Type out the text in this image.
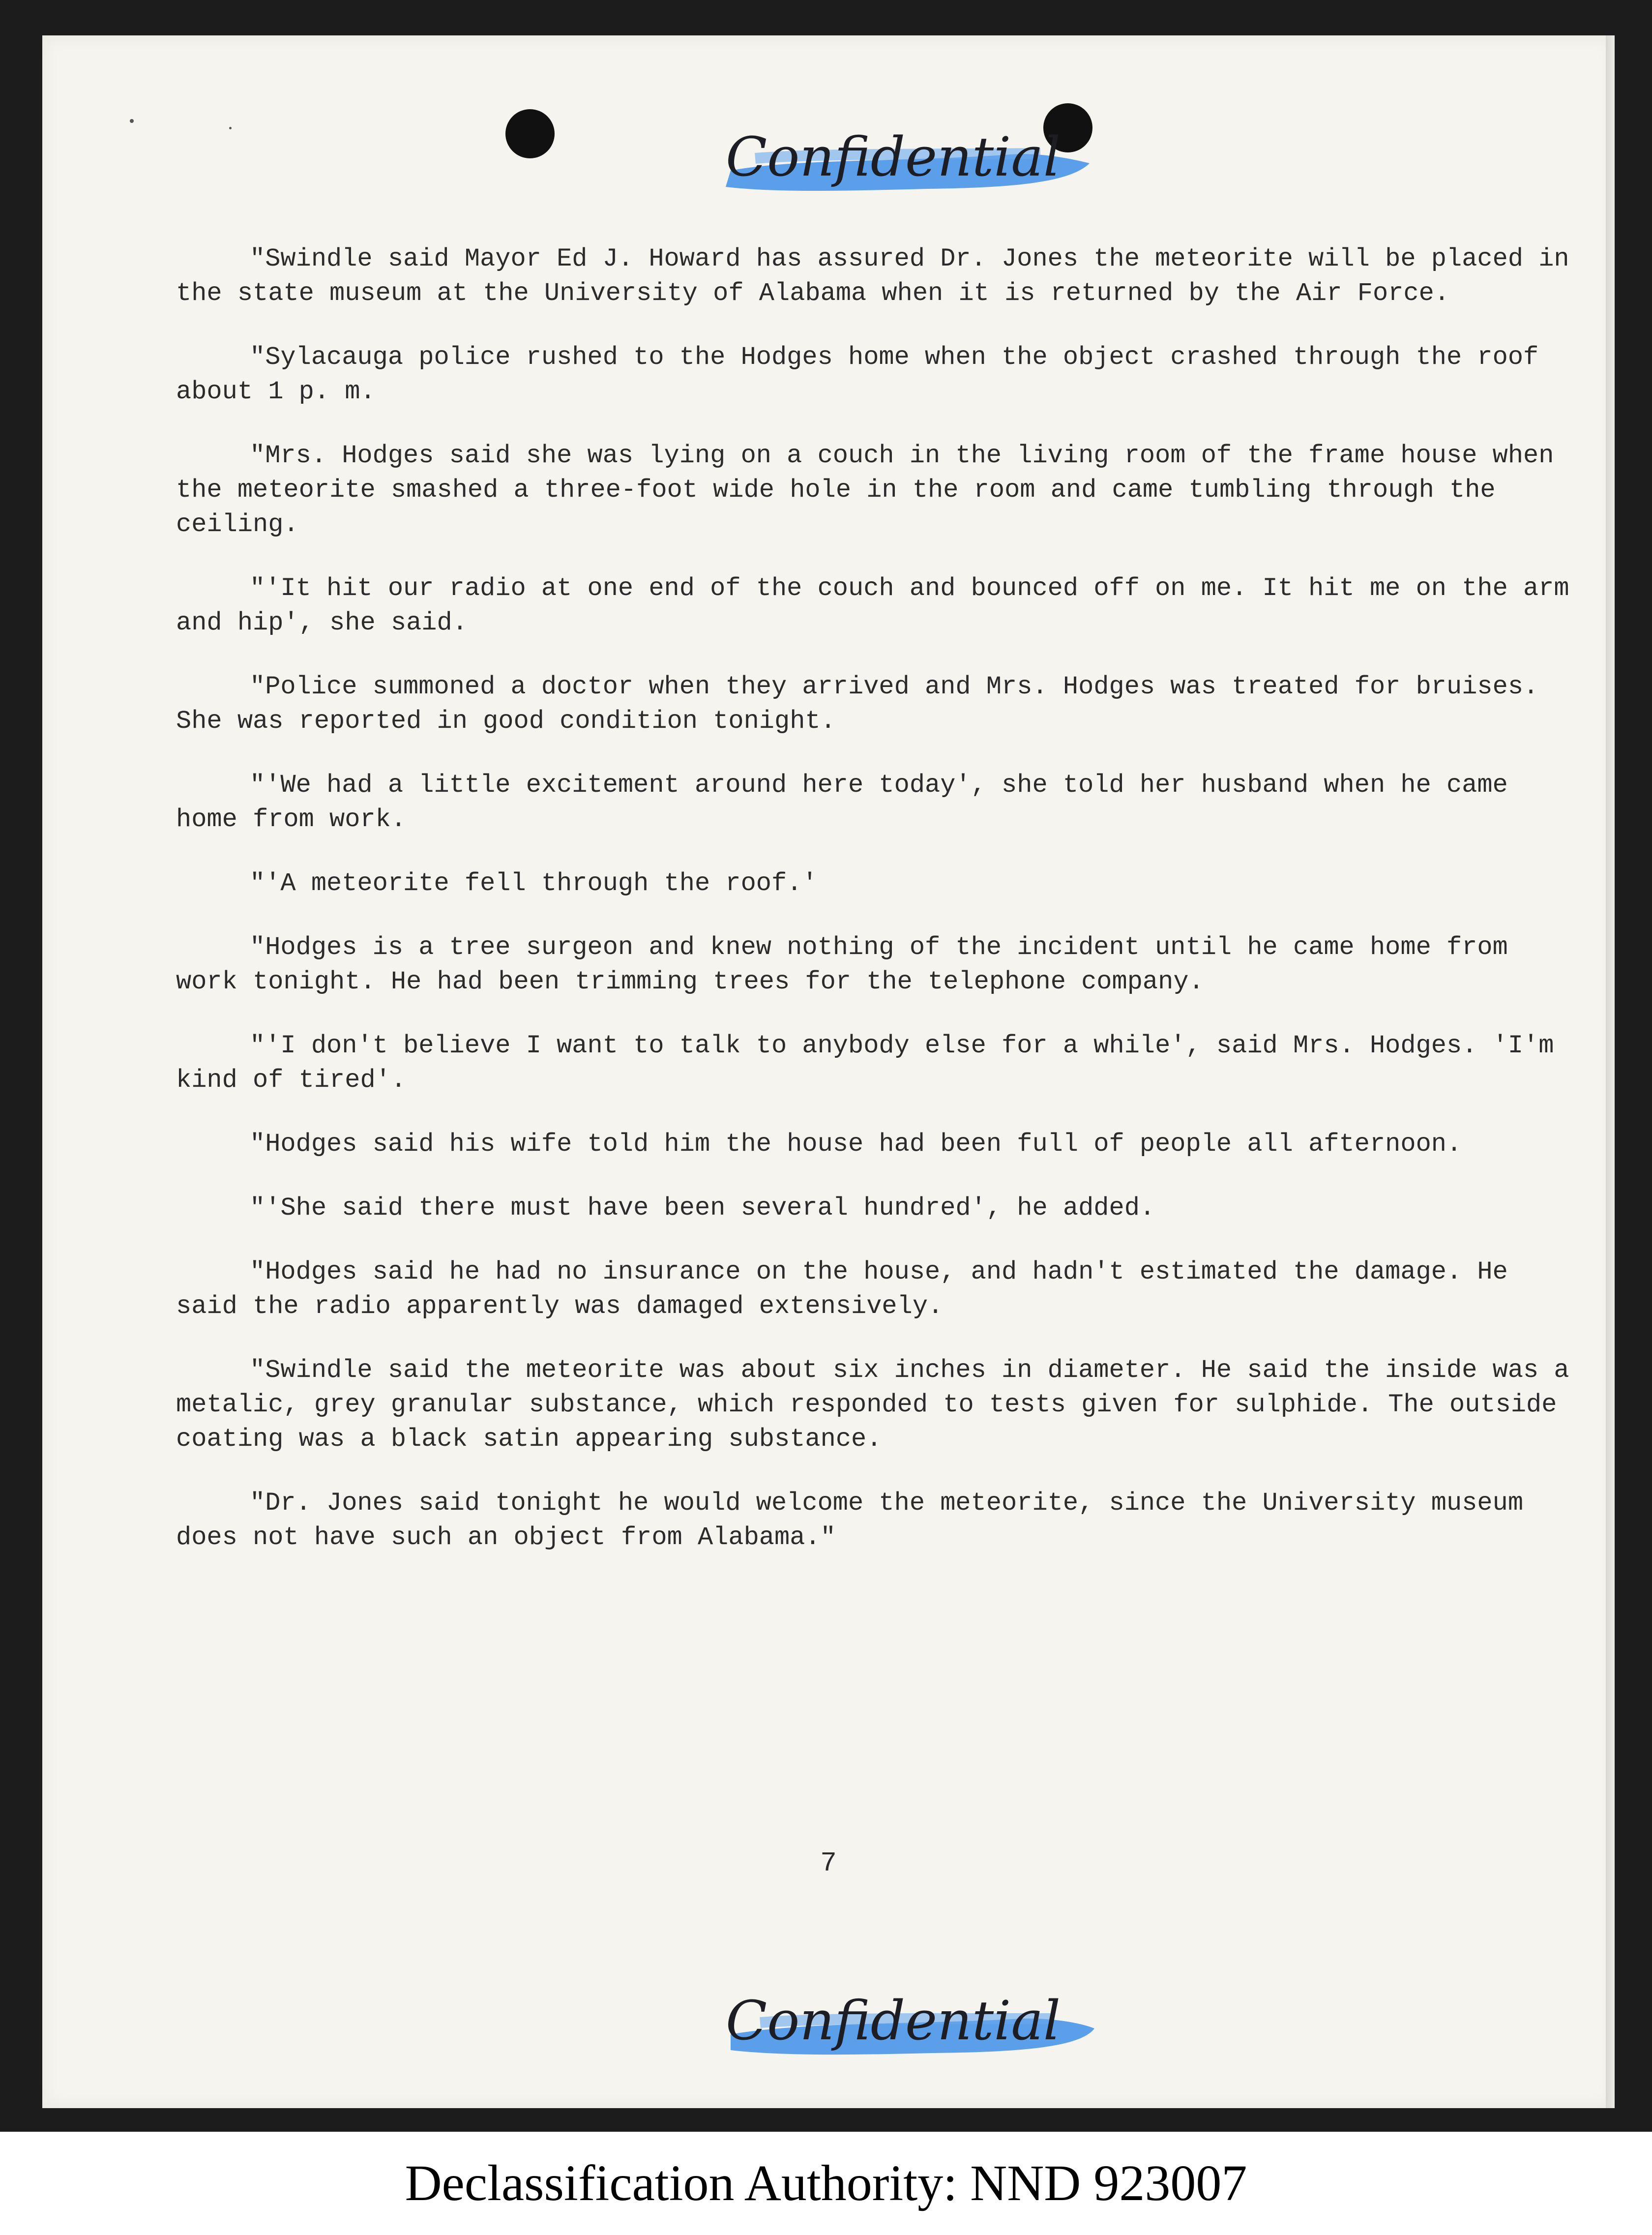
Confidential

"Swindle said Mayor Ed J. Howard has assured Dr. Jones the meteorite will be placed in the state museum at the University of Alabama when it is returned by the Air Force.

"Sylacauga police rushed to the Hodges home when the object crashed through the roof about 1 p. m.

"Mrs. Hodges said she was lying on a couch in the living room of the frame house when the meteorite smashed a three-foot wide hole in the room and came tumbling through the ceiling.

"'It hit our radio at one end of the couch and bounced off on me. It hit me on the arm and hip', she said.

"Police summoned a doctor when they arrived and Mrs. Hodges was treated for bruises. She was reported in good condition tonight.

"'We had a little excitement around here today', she told her husband when he came home from work.

"'A meteorite fell through the roof.'

"Hodges is a tree surgeon and knew nothing of the incident until he came home from work tonight. He had been trimming trees for the telephone company.

"'I don't believe I want to talk to anybody else for a while', said Mrs. Hodges. 'I'm kind of tired'.

"Hodges said his wife told him the house had been full of people all afternoon.

"'She said there must have been several hundred', he added.

"Hodges said he had no insurance on the house, and hadn't estimated the damage. He said the radio apparently was damaged extensively.

"Swindle said the meteorite was about six inches in diameter. He said the inside was a metalic, grey granular substance, which responded to tests given for sulphide. The outside coating was a black satin appearing substance.

"Dr. Jones said tonight he would welcome the meteorite, since the University museum does not have such an object from Alabama."

7
Confidential
Declassification Authority: NND 923007
